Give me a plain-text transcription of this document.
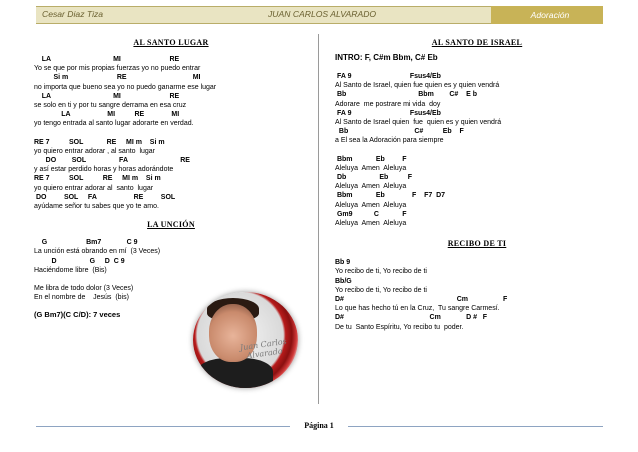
Cesar Diaz Tiza	JUAN CARLOS ALVARADO	Adoración
AL SANTO LUGAR
LA                                MI                         RE
Yo se que por mis propias fuerzas yo no puedo entrar
Si m                         RE                                  MI
no importa que bueno sea yo no puedo ganarme ese lugar
LA                                MI                         RE
se solo en ti y por tu sangre derrama en esa cruz
LA                   MI          RE              MI
yo tengo entrada al santo lugar adorarte en verdad.
RE 7          SOL            RE     MI m    Si m
yo quiero entrar adorar , al santo  lugar
DO        SOL                 FA                           RE
y así estar perdido horas y horas adorándote
RE 7          SOL          RE     MI m    Si m
yo quiero entrar adorar al  santo  lugar
DO         SOL     FA                   RE         SOL
ayúdame señor tu sabes que yo te amo.
LA UNCIÓN
G                    Bm7             C 9
La unción está obrando en mí  (3 Veces)
D                 G     D  C 9
Haciéndome libre  (Bis)
Me libra de todo dolor (3 Veces)
En el nombre de    Jesús  (bis)
(G Bm7)(C C/D): 7 veces
Juan Carlos Alvarado
AL SANTO DE ISRAEL
INTRO: F, C#m Bbm, C# Eb
FA 9                              Fsus4/Eb
Al Santo de Israel, quien fue quien es y quien vendrá
Bb                                     Bbm        C#    E b
Adorare  me postrare mi vida  doy
FA 9                              Fsus4/Eb
Al Santo de Israel quien  fue  quien es y quien vendrá
Bb                                  C#          Eb    F
a El sea la Adoración para siempre
Bbm            Eb         F
Aleluya  Amen  Aleluya
Db                 Eb          F
Aleluya  Amen  Aleluya
Bbm            Eb              F    F7  D7
Aleluya  Amen  Aleluya
Gm9           C            F
Aleluya  Amen  Aleluya
RECIBO DE TI
Bb 9
Yo recibo de ti, Yo recibo de ti
Bb/G
Yo recibo de ti, Yo recibo de ti
D#                                                          Cm                  F
Lo que has hecho tú en la Cruz,  Tu sangre Carmesí.
D#                                            Cm             D #   F
De tu  Santo Espíritu, Yo recibo tu  poder.
Página 1
